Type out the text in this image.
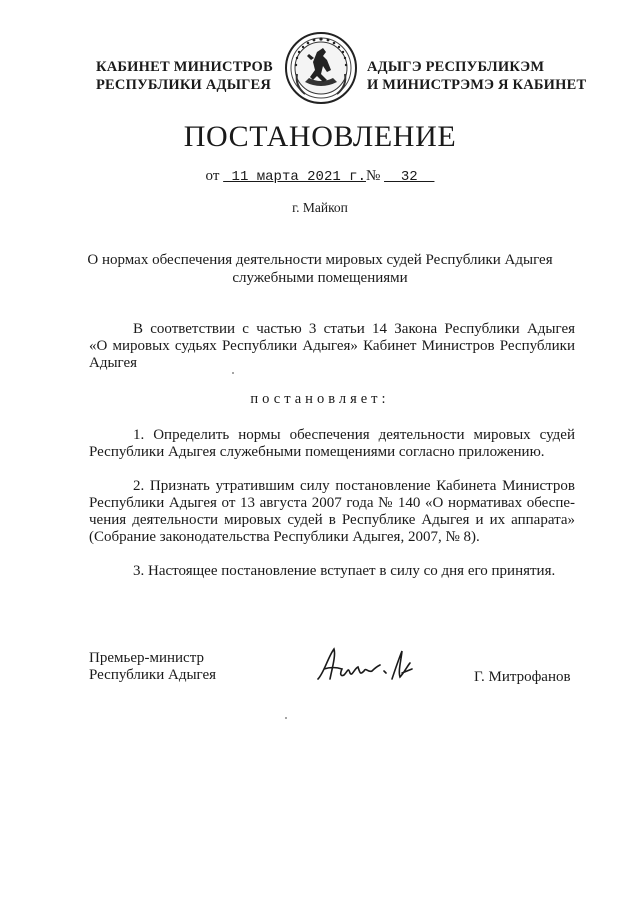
КАБИНЕТ МИНИСТРОВ
РЕСПУБЛИКИ АДЫГЕЯ
АДЫГЭ РЕСПУБЛИКЭМ
И МИНИСТРЭМЭ Я КАБИНЕТ
ПОСТАНОВЛЕНИЕ
от  11 марта 2021 г.№   32
г. Майкоп
О нормах обеспечения деятельности мировых судей Республики Адыгея
служебными помещениями
В соответствии с частью 3 статьи 14 Закона Республики Адыгея
«О мировых судьях Республики Адыгея» Кабинет Министров Республики
Адыгея
постановляет:
1. Определить нормы обеспечения деятельности мировых судей
Республики Адыгея служебными помещениями согласно приложению.
2. Признать утратившим силу постановление Кабинета Министров
Республики Адыгея от 13 августа 2007 года № 140 «О нормативах обеспе-
чения деятельности мировых судей в Республике Адыгея и их аппарата»
(Собрание законодательства Республики Адыгея, 2007, № 8).
3. Настоящее постановление вступает в силу со дня его принятия.
Премьер-министр
Республики Адыгея	Г. Митрофанов
